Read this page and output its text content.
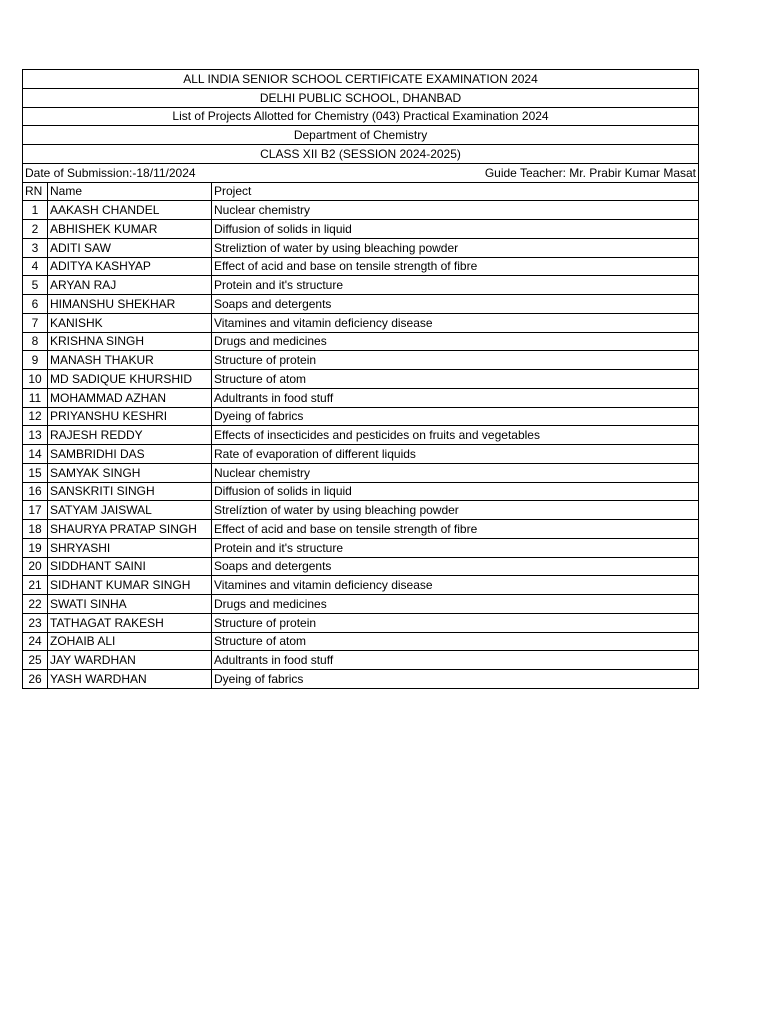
ALL INDIA SENIOR SCHOOL CERTIFICATE EXAMINATION 2024		
DELHI PUBLIC SCHOOL, DHANBAD		
List of Projects Allotted for Chemistry (043) Practical Examination 2024		
Department of Chemistry		
CLASS XII B2 (SESSION 2024-2025)		
Date of Submission:-18/11/2024		Guide Teacher: Mr. Prabir Kumar Masat
RN	Name	Project
1	AAKASH CHANDEL	Nuclear chemistry
2	ABHISHEK KUMAR	Diffusion of solids in liquid
3	ADITI SAW	Streliztion of water by using bleaching powder
4	ADITYA KASHYAP	Effect of acid and base on tensile strength of fibre
5	ARYAN RAJ	Protein and it's structure
6	HIMANSHU SHEKHAR	Soaps and detergents
7	KANISHK	Vitamines and vitamin deficiency disease
8	KRISHNA SINGH	Drugs and medicines
9	MANASH THAKUR	Structure of protein
10	MD SADIQUE KHURSHID	Structure of atom
11	MOHAMMAD AZHAN	Adultrants in food stuff
12	PRIYANSHU KESHRI	Dyeing of fabrics
13	RAJESH REDDY	Effects of insecticides and pesticides on fruits and vegetables
14	SAMBRIDHI DAS	Rate of evaporation of different liquids
15	SAMYAK SINGH	Nuclear chemistry
16	SANSKRITI SINGH	Diffusion of solids in liquid
17	SATYAM JAISWAL	Strelíztion of water by using bleaching powder
18	SHAURYA PRATAP SINGH	Effect of acid and base on tensile strength of fibre
19	SHRYASHI	Protein and it's structure
20	SIDDHANT SAINI	Soaps and detergents
21	SIDHANT KUMAR SINGH	Vitamines and vitamin deficiency disease
22	SWATI SINHA	Drugs and medicines
23	TATHAGAT RAKESH	Structure of protein
24	ZOHAIB ALI	Structure of atom
25	JAY WARDHAN	Adultrants in food stuff
26	YASH WARDHAN	Dyeing of fabrics
